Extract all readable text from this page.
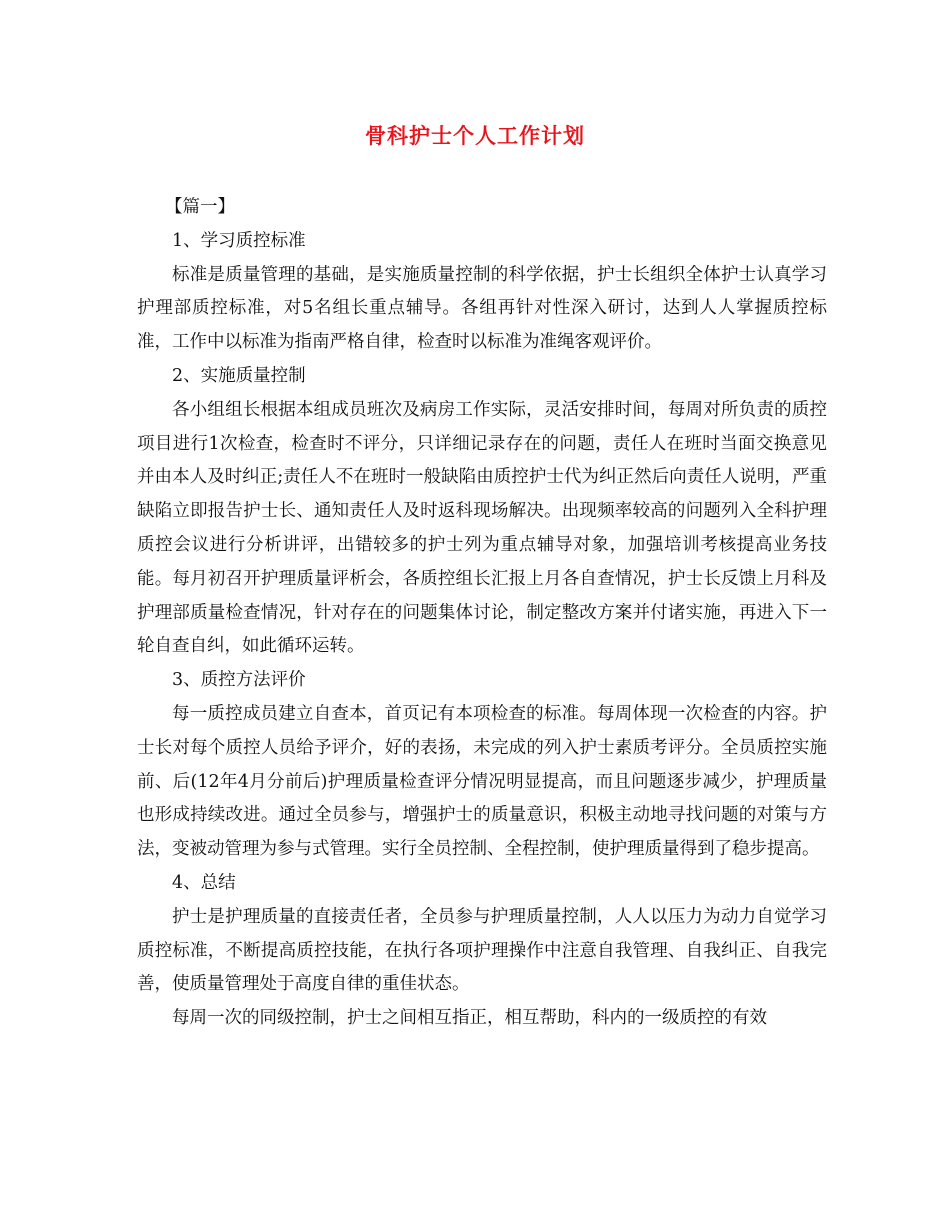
骨科护士个人工作计划

【篇一】

1、学习质控标准

标准是质量管理的基础，是实施质量控制的科学依据，护士长组织全体护士认真学习护理部质控标准，对5名组长重点辅导。各组再针对性深入研讨，达到人人掌握质控标准，工作中以标准为指南严格自律，检查时以标准为准绳客观评价。

2、实施质量控制

各小组组长根据本组成员班次及病房工作实际，灵活安排时间，每周对所负责的质控项目进行1次检查，检查时不评分，只详细记录存在的问题，责任人在班时当面交换意见并由本人及时纠正;责任人不在班时一般缺陷由质控护士代为纠正然后向责任人说明，严重缺陷立即报告护士长、通知责任人及时返科现场解决。出现频率较高的问题列入全科护理质控会议进行分析讲评，出错较多的护士列为重点辅导对象，加强培训考核提高业务技能。每月初召开护理质量评析会，各质控组长汇报上月各自查情况，护士长反馈上月科及护理部质量检查情况，针对存在的问题集体讨论，制定整改方案并付诸实施，再进入下一轮自查自纠，如此循环运转。

3、质控方法评价

每一质控成员建立自查本，首页记有本项检查的标准。每周体现一次检查的内容。护士长对每个质控人员给予评介，好的表扬，未完成的列入护士素质考评分。全员质控实施前、后(12年4月分前后)护理质量检查评分情况明显提高，而且问题逐步减少，护理质量也形成持续改进。通过全员参与，增强护士的质量意识，积极主动地寻找问题的对策与方法，变被动管理为参与式管理。实行全员控制、全程控制，使护理质量得到了稳步提高。

4、总结

护士是护理质量的直接责任者，全员参与护理质量控制，人人以压力为动力自觉学习质控标准，不断提高质控技能，在执行各项护理操作中注意自我管理、自我纠正、自我完善，使质量管理处于高度自律的重佳状态。

每周一次的同级控制，护士之间相互指正，相互帮助，科内的一级质控的有效
